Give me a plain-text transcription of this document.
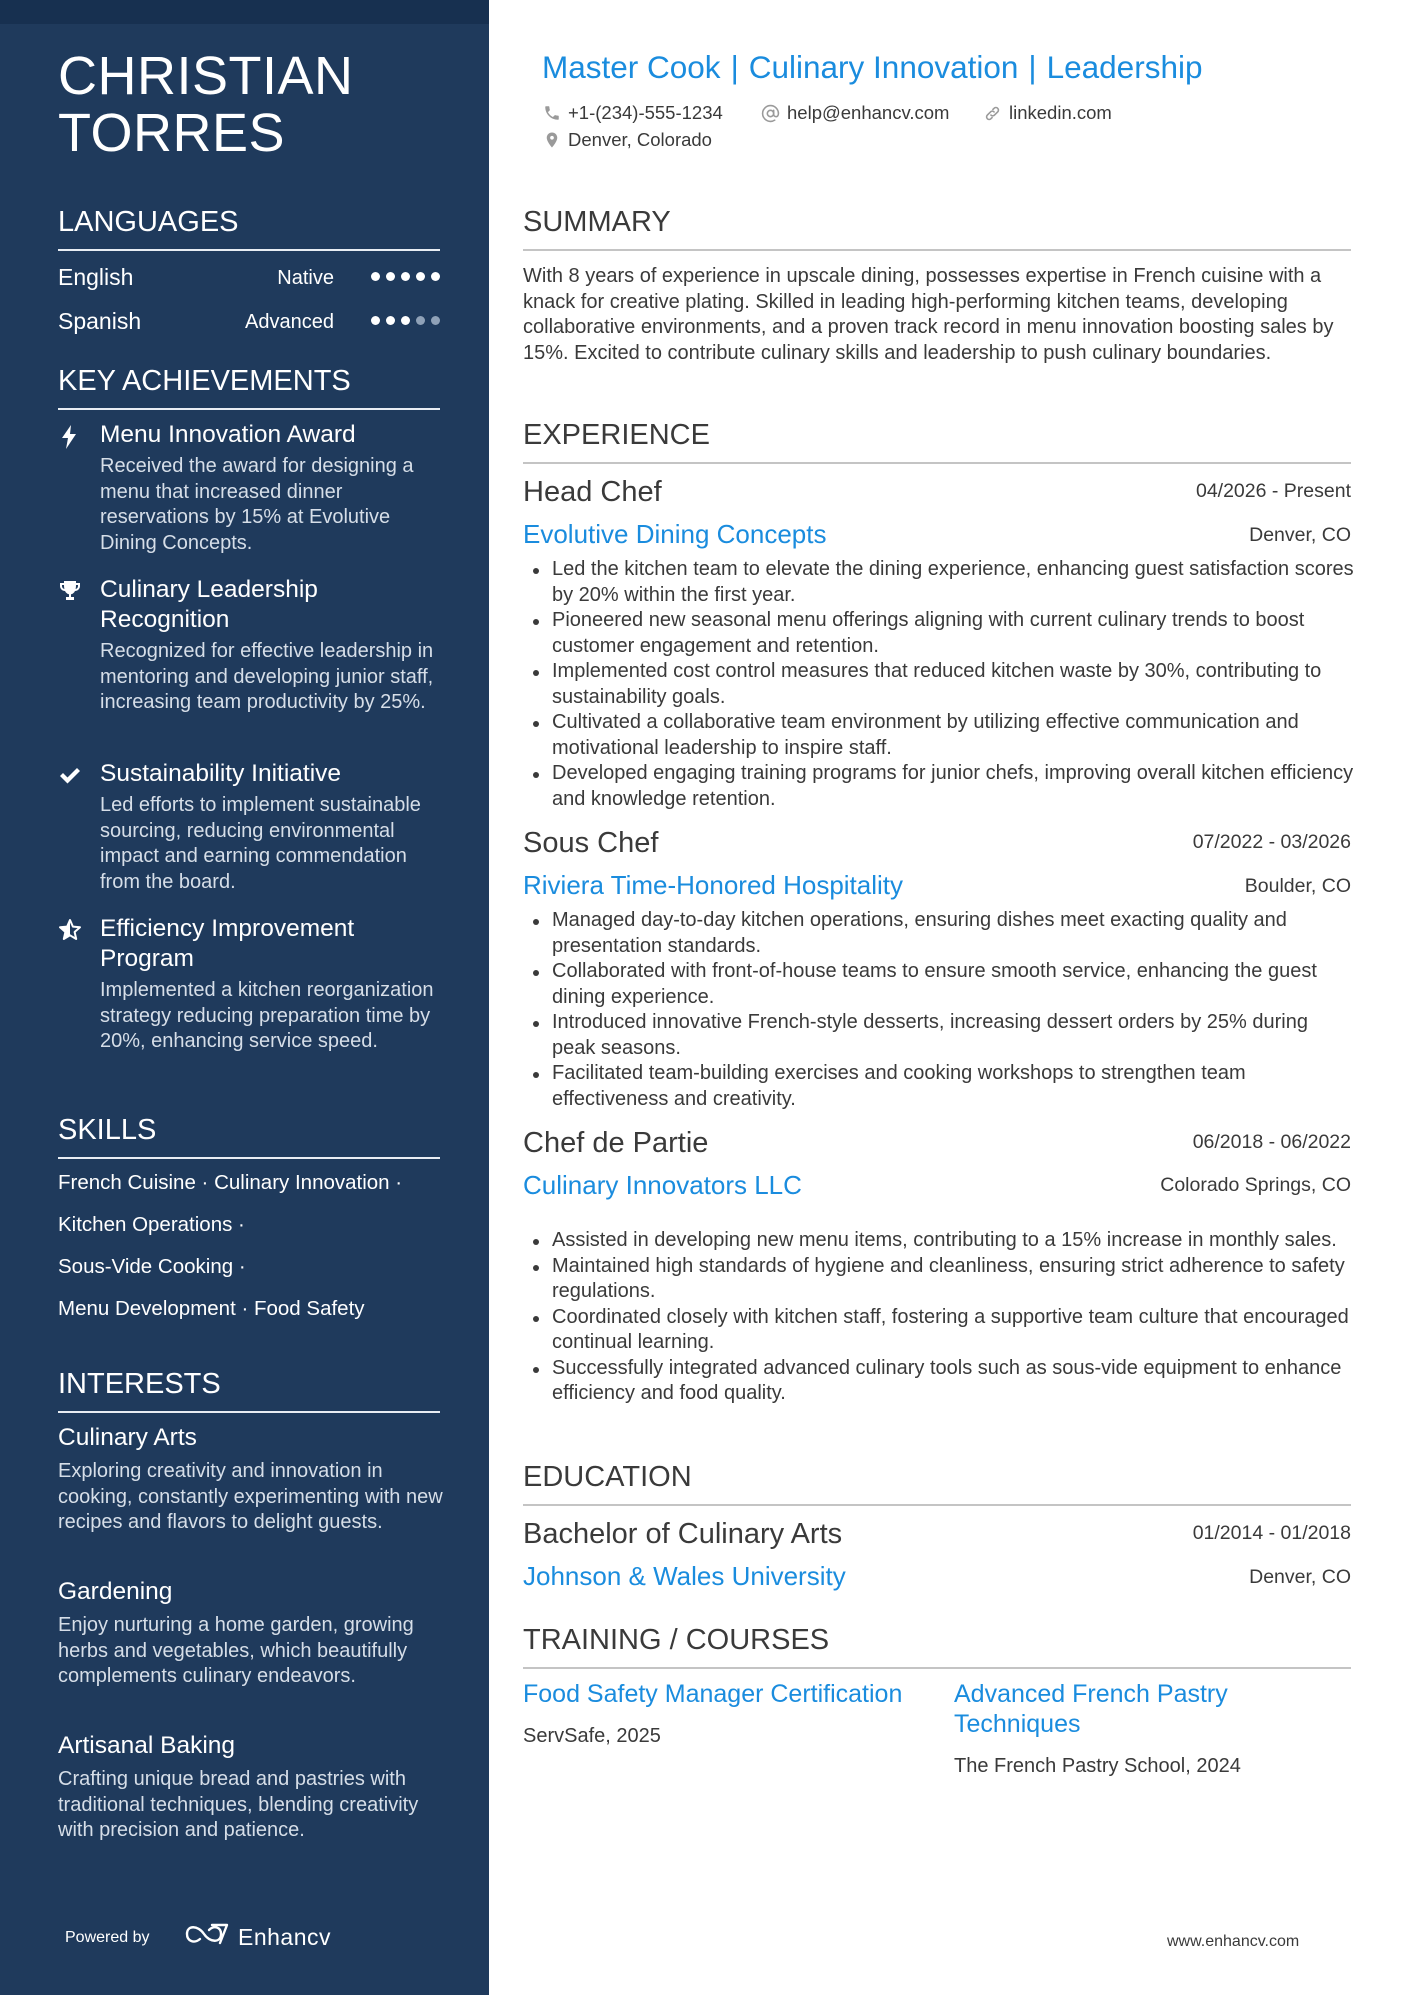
CHRISTIAN TORRES
LANGUAGES
English	Native
Spanish	Advanced
KEY ACHIEVEMENTS
Menu Innovation Award
Received the award for designing a menu that increased dinner reservations by 15% at Evolutive Dining Concepts.
Culinary Leadership Recognition
Recognized for effective leadership in mentoring and developing junior staff, increasing team productivity by 25%.
Sustainability Initiative
Led efforts to implement sustainable sourcing, reducing environmental impact and earning commendation from the board.
Efficiency Improvement Program
Implemented a kitchen reorganization strategy reducing preparation time by 20%, enhancing service speed.
SKILLS
French Cuisine · Culinary Innovation ·
Kitchen Operations ·
Sous-Vide Cooking ·
Menu Development · Food Safety
INTERESTS
Culinary Arts
Exploring creativity and innovation in cooking, constantly experimenting with new recipes and flavors to delight guests.
Gardening
Enjoy nurturing a home garden, growing herbs and vegetables, which beautifully complements culinary endeavors.
Artisanal Baking
Crafting unique bread and pastries with traditional techniques, blending creativity with precision and patience.
Powered by	Enhancv
Master Cook | Culinary Innovation | Leadership
+1-(234)-555-1234	help@enhancv.com	linkedin.com
Denver, Colorado
SUMMARY
With 8 years of experience in upscale dining, possesses expertise in French cuisine with a knack for creative plating. Skilled in leading high-performing kitchen teams, developing collaborative environments, and a proven track record in menu innovation boosting sales by 15%. Excited to contribute culinary skills and leadership to push culinary boundaries.
EXPERIENCE
Head Chef	04/2026 - Present
Evolutive Dining Concepts	Denver, CO
Led the kitchen team to elevate the dining experience, enhancing guest satisfaction scores by 20% within the first year.
Pioneered new seasonal menu offerings aligning with current culinary trends to boost customer engagement and retention.
Implemented cost control measures that reduced kitchen waste by 30%, contributing to sustainability goals.
Cultivated a collaborative team environment by utilizing effective communication and motivational leadership to inspire staff.
Developed engaging training programs for junior chefs, improving overall kitchen efficiency and knowledge retention.
Sous Chef	07/2022 - 03/2026
Riviera Time-Honored Hospitality	Boulder, CO
Managed day-to-day kitchen operations, ensuring dishes meet exacting quality and presentation standards.
Collaborated with front-of-house teams to ensure smooth service, enhancing the guest dining experience.
Introduced innovative French-style desserts, increasing dessert orders by 25% during peak seasons.
Facilitated team-building exercises and cooking workshops to strengthen team effectiveness and creativity.
Chef de Partie	06/2018 - 06/2022
Culinary Innovators LLC	Colorado Springs, CO
Assisted in developing new menu items, contributing to a 15% increase in monthly sales.
Maintained high standards of hygiene and cleanliness, ensuring strict adherence to safety regulations.
Coordinated closely with kitchen staff, fostering a supportive team culture that encouraged continual learning.
Successfully integrated advanced culinary tools such as sous-vide equipment to enhance efficiency and food quality.
EDUCATION
Bachelor of Culinary Arts	01/2014 - 01/2018
Johnson & Wales University	Denver, CO
TRAINING / COURSES
Food Safety Manager Certification
ServSafe, 2025
Advanced French Pastry Techniques
The French Pastry School, 2024
www.enhancv.com
